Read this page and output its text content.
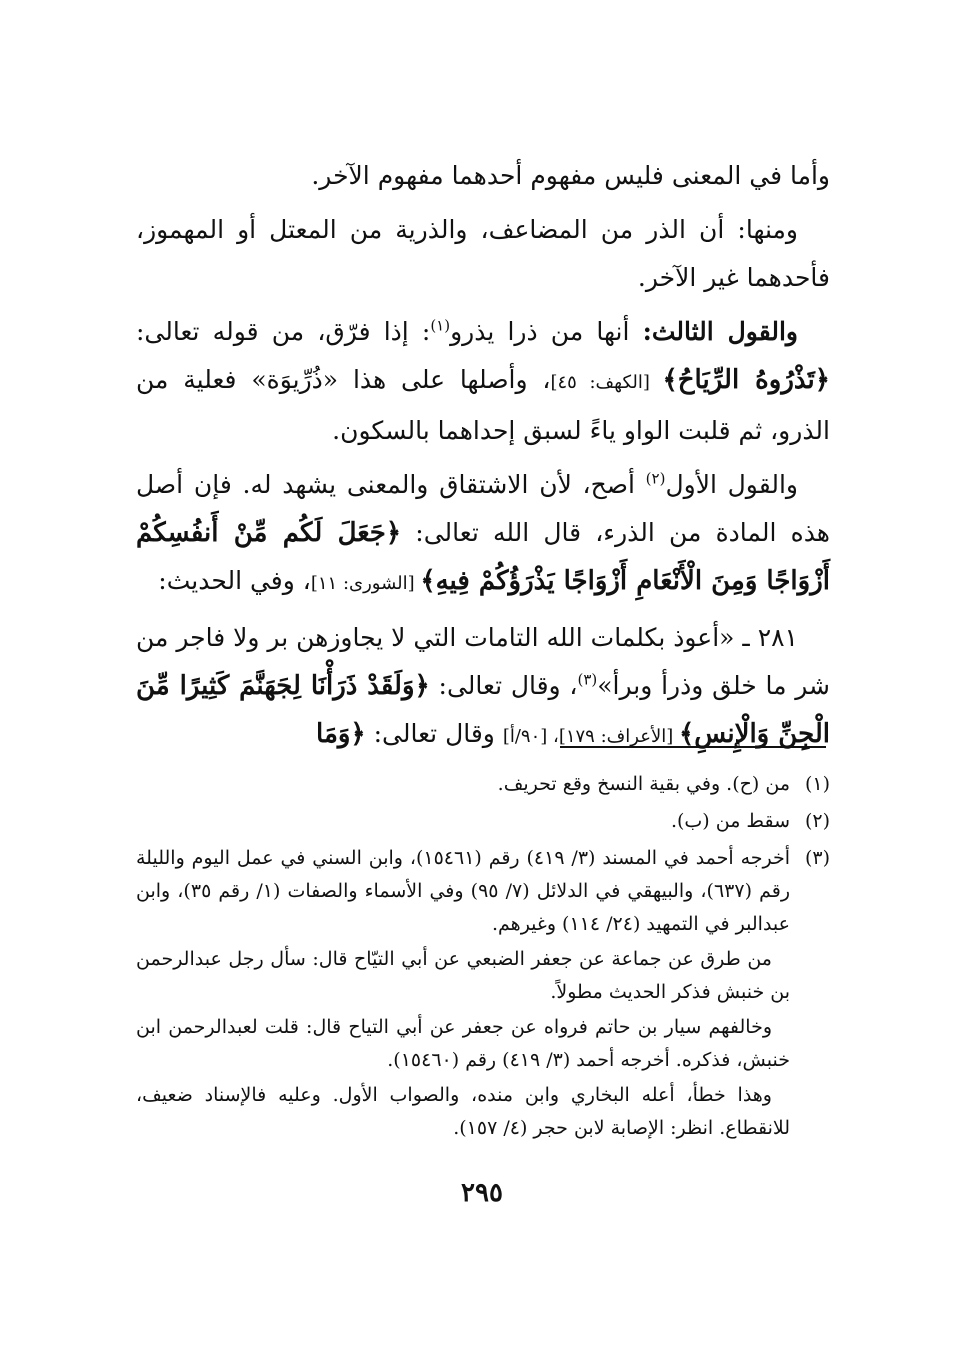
وأما في المعنى فليس مفهوم أحدهما مفهوم الآخر.

ومنها: أن الذر من المضاعف، والذرية من المعتل أو المهموز، فأحدهما غير الآخر.

والقول الثالث: أنها من ذرا يذرو$^{(١)}$: إذا فرّق، من قوله تعالى: ﴿تَذْرُوهُ الرِّيَاحُ﴾ [الكهف: ٤٥]، وأصلها على هذا «ذُرِّيوَة» فعلية من الذرو، ثم قلبت الواو ياءً لسبق إحداهما بالسكون.

والقول الأول$^{(٢)}$ أصح، لأن الاشتقاق والمعنى يشهد له. فإن أصل هذه المادة من الذرء، قال الله تعالى: ﴿جَعَلَ لَكُم مِّنْ أَنفُسِكُمْ أَزْوَاجًا وَمِنَ الْأَنْعَامِ أَزْوَاجًا يَذْرَؤُكُمْ فِيهِ﴾ [الشورى: ١١]، وفي الحديث:

٢٨١ ـ «أعوذ بكلمات الله التامات التي لا يجاوزهن بر ولا فاجر من شر ما خلق وذرأ وبرأ»$^{(٣)}$، وقال تعالى: ﴿وَلَقَدْ ذَرَأْنَا لِجَهَنَّمَ كَثِيرًا مِّنَ الْجِنِّ وَالْإِنسِ﴾ [الأعراف: ١٧٩]، [٩٠/أ] وقال تعالى: ﴿وَمَا

(١)

من (ح). وفي بقية النسخ وقع تحريف.

(٢)

سقط من (ب).

(٣)

أخرجه أحمد في المسند (٣/ ٤١٩) رقم (١٥٤٦١)، وابن السني في عمل اليوم والليلة رقم (٦٣٧)، والبيهقي في الدلائل (٧/ ٩٥) وفي الأسماء والصفات (١/ رقم ٣٥)، وابن عبدالبر في التمهيد (٢٤/ ١١٤) وغيرهم.

من طرق عن جماعة عن جعفر الضبعي عن أبي التيّاح قال: سأل رجل عبدالرحمن بن خنبش فذكر الحديث مطولاً.

وخالفهم سيار بن حاتم فرواه عن جعفر عن أبي التياح قال: قلت لعبدالرحمن ابن خنبش، فذكره. أخرجه أحمد (٣/ ٤١٩) رقم (١٥٤٦٠).

وهذا خطأ، أعله البخاري وابن منده، والصواب الأول. وعليه فالإسناد ضعيف، للانقطاع. انظر: الإصابة لابن حجر (٤/ ١٥٧).

٢٩٥
